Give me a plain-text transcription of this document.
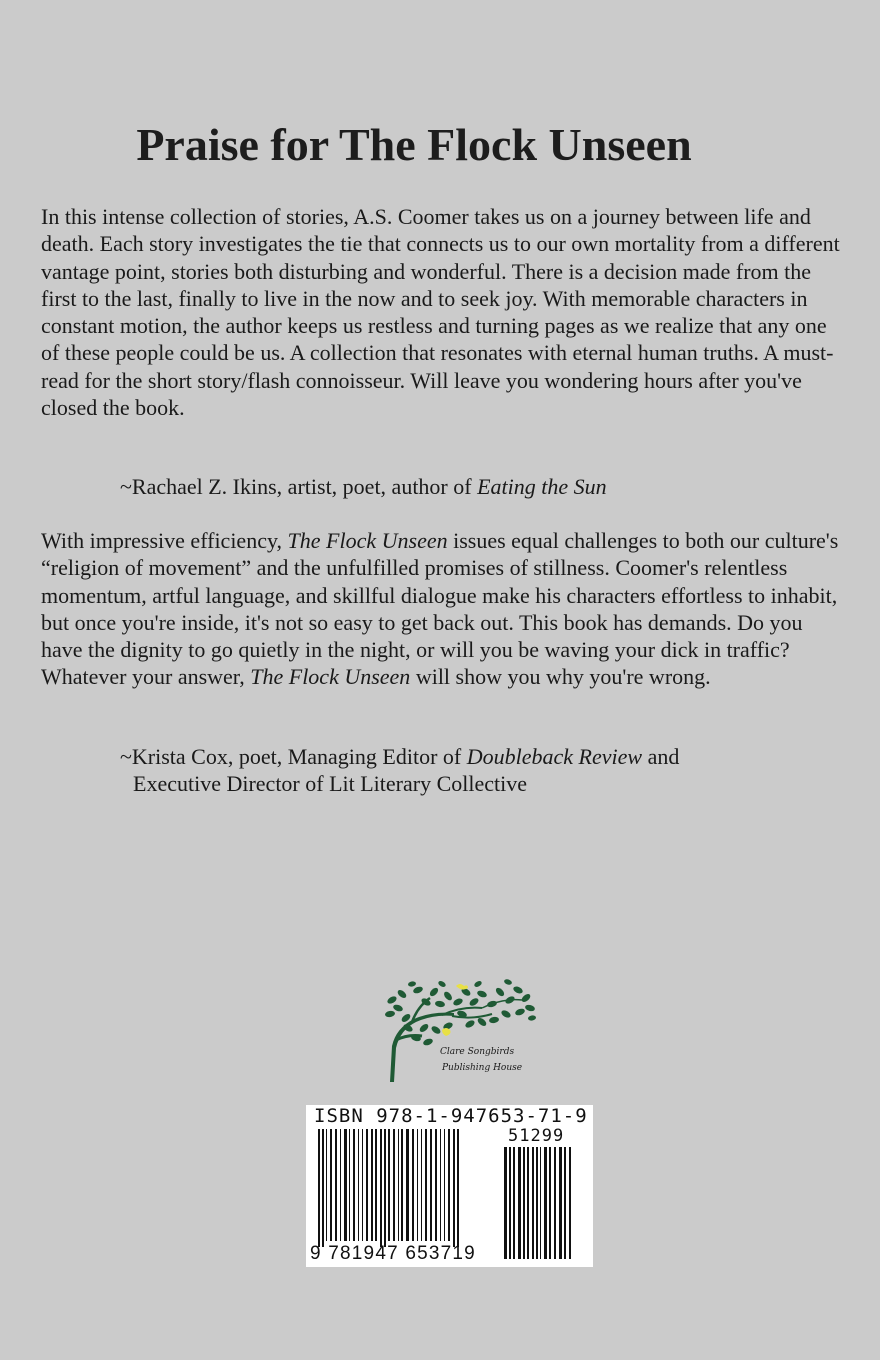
Praise for The Flock Unseen

In this intense collection of stories, A.S. Coomer takes us on a journey between life and death. Each story investigates the tie that connects us to our own mortality from a different vantage point, stories both disturbing and wonderful. There is a decision made from the first to the last, finally to live in the now and to seek joy. With memorable characters in constant motion, the author keeps us restless and turning pages as we realize that any one of these people could be us. A collection that resonates with eternal human truths. A must-read for the short story/flash connoisseur. Will leave you wondering hours after you've closed the book.

~Rachael Z. Ikins, artist, poet, author of Eating the Sun

With impressive efficiency, The Flock Unseen issues equal challenges to both our culture's “religion of movement” and the unfulfilled promises of stillness. Coomer's relentless momentum, artful language, and skillful dialogue make his characters effortless to inhabit, but once you're inside, it's not so easy to get back out. This book has demands. Do you have the dignity to go quietly in the night, or will you be waving your dick in traffic? Whatever your answer, The Flock Unseen will show you why you're wrong.

~Krista Cox, poet, Managing Editor of Doubleback Review and
Executive Director of Lit Literary Collective

Clare Songbirds
Publishing House
ISBN 978-1-947653-71-9
51299
9 781947 653719
